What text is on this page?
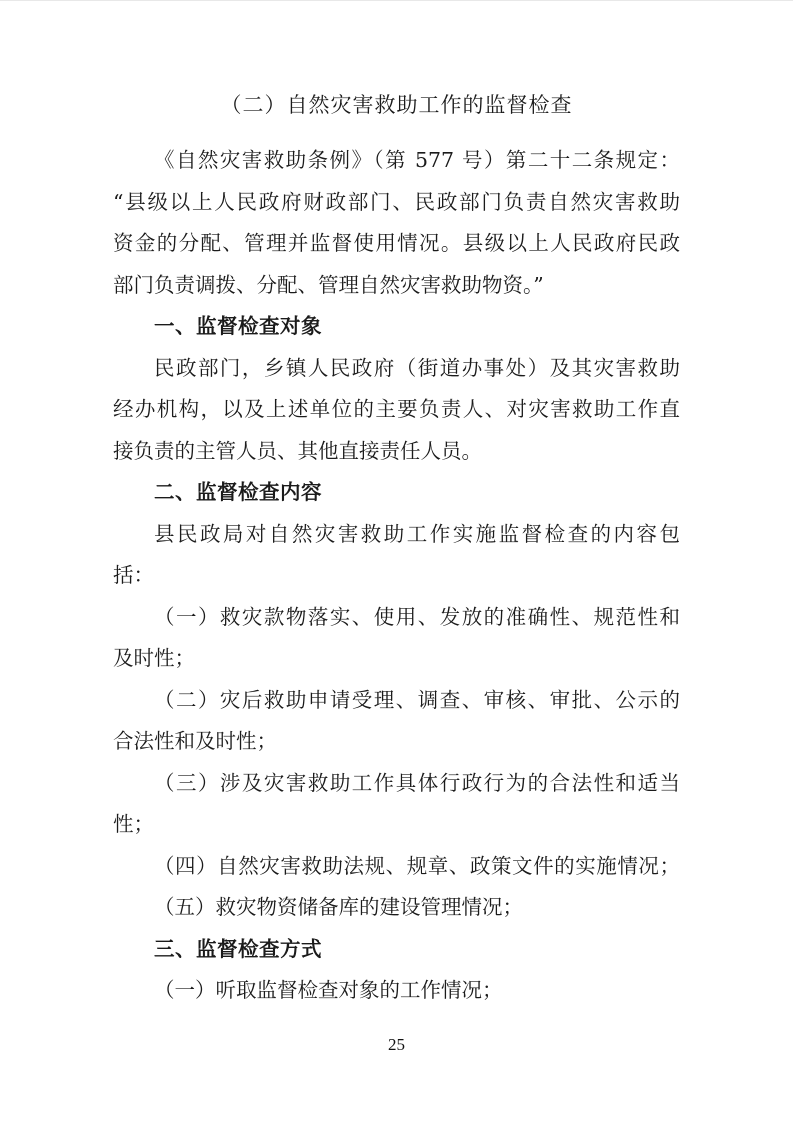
（二）自然灾害救助工作的监督检查
《自然灾害救助条例》（第 577 号）第二十二条规定：
“县级以上人民政府财政部门、民政部门负责自然灾害救助
资金的分配、管理并监督使用情况。县级以上人民政府民政
部门负责调拨、分配、管理自然灾害救助物资。”
一、监督检查对象
民政部门，乡镇人民政府（街道办事处）及其灾害救助
经办机构，以及上述单位的主要负责人、对灾害救助工作直
接负责的主管人员、其他直接责任人员。
二、监督检查内容
县民政局对自然灾害救助工作实施监督检查的内容包
括：
（一）救灾款物落实、使用、发放的准确性、规范性和
及时性；
（二）灾后救助申请受理、调查、审核、审批、公示的
合法性和及时性；
（三）涉及灾害救助工作具体行政行为的合法性和适当
性；
（四）自然灾害救助法规、规章、政策文件的实施情况；
（五）救灾物资储备库的建设管理情况；
三、监督检查方式
（一）听取监督检查对象的工作情况；
25
